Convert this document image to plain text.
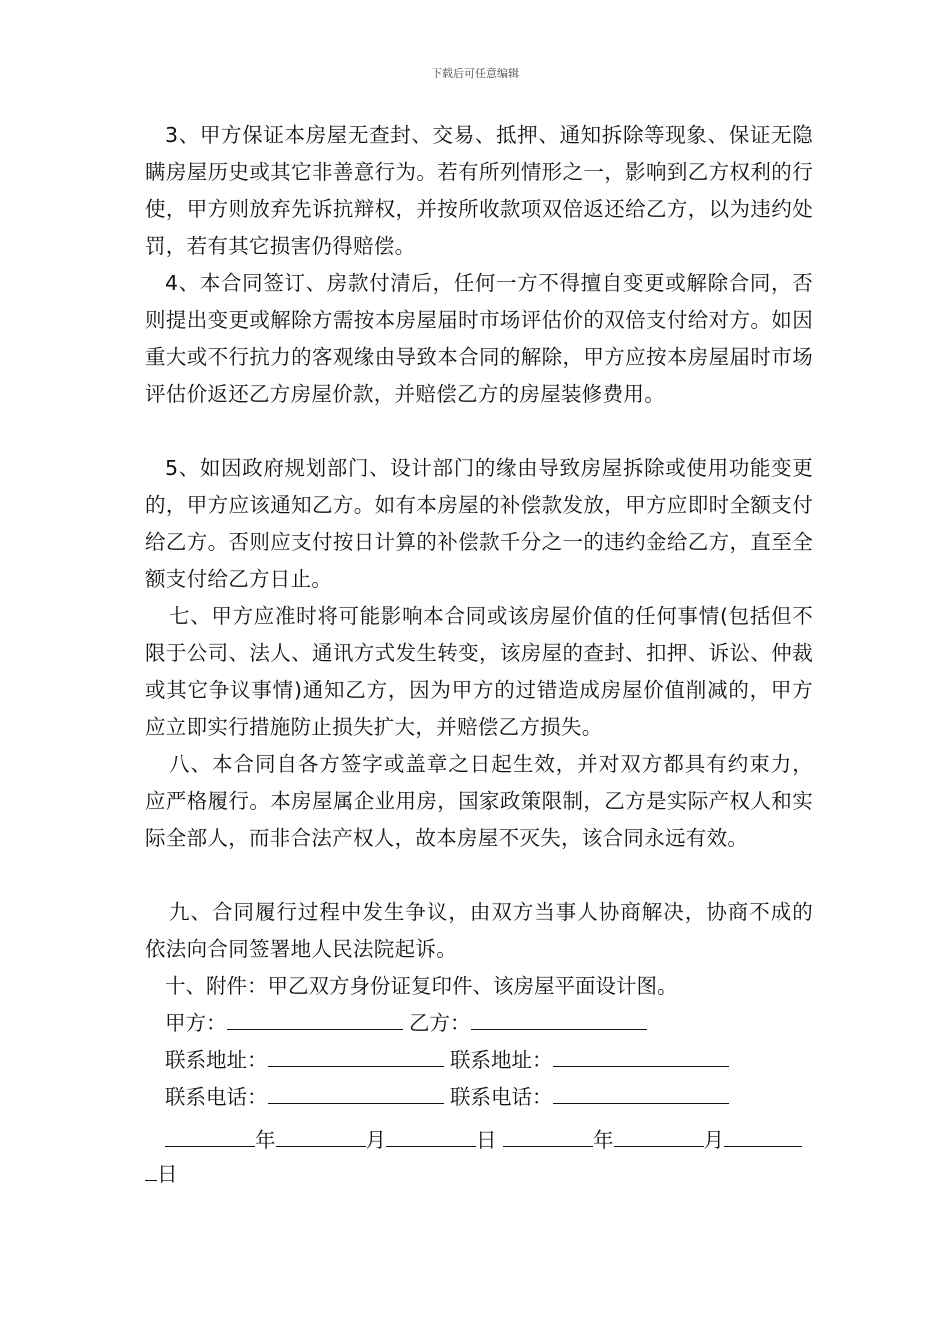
下载后可任意编辑

3、甲方保证本房屋无查封、交易、抵押、通知拆除等现象、保证无隐瞒房屋历史或其它非善意行为。若有所列情形之一，影响到乙方权利的行使，甲方则放弃先诉抗辩权，并按所收款项双倍返还给乙方，以为违约处罚，若有其它损害仍得赔偿。

4、本合同签订、房款付清后，任何一方不得擅自变更或解除合同，否则提出变更或解除方需按本房屋届时市场评估价的双倍支付给对方。如因重大或不行抗力的客观缘由导致本合同的解除，甲方应按本房屋届时市场评估价返还乙方房屋价款，并赔偿乙方的房屋装修费用。

5、如因政府规划部门、设计部门的缘由导致房屋拆除或使用功能变更的，甲方应该通知乙方。如有本房屋的补偿款发放，甲方应即时全额支付给乙方。否则应支付按日计算的补偿款千分之一的违约金给乙方，直至全额支付给乙方日止。

七、甲方应准时将可能影响本合同或该房屋价值的任何事情(包括但不限于公司、法人、通讯方式发生转变，该房屋的查封、扣押、诉讼、仲裁或其它争议事情)通知乙方，因为甲方的过错造成房屋价值削减的，甲方应立即实行措施防止损失扩大，并赔偿乙方损失。

八、本合同自各方签字或盖章之日起生效，并对双方都具有约束力，应严格履行。本房屋属企业用房，国家政策限制，乙方是实际产权人和实际全部人，而非合法产权人，故本房屋不灭失，该合同永远有效。

九、合同履行过程中发生争议，由双方当事人协商解决，协商不成的依法向合同签署地人民法院起诉。

十、附件：甲乙双方身份证复印件、该房屋平面设计图。
甲方：	乙方：
联系地址：	联系地址：
联系电话：	联系电话：
年	月	日	年	月
日
